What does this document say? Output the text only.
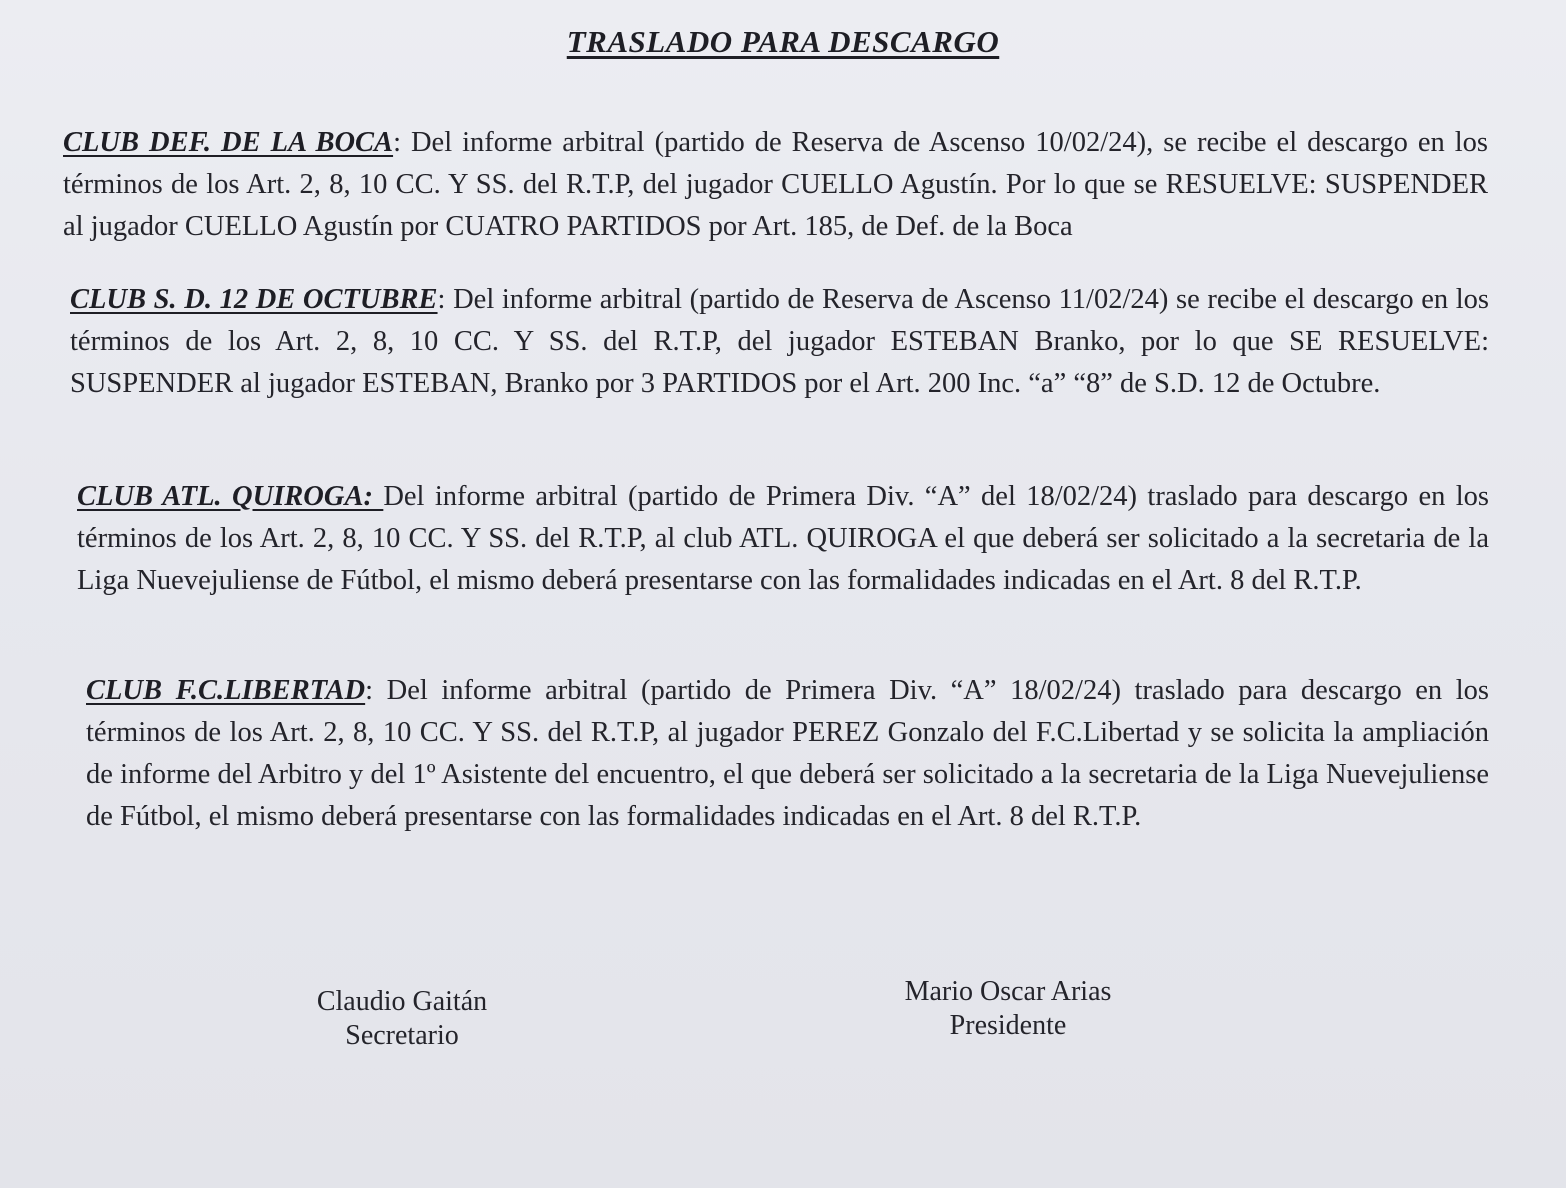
TRASLADO PARA DESCARGO

CLUB DEF. DE LA BOCA: Del informe arbitral (partido de Reserva de Ascenso 10/02/24), se recibe el descargo en los términos de los Art. 2, 8, 10 CC. Y SS. del R.T.P, del jugador CUELLO Agustín. Por lo que se RESUELVE: SUSPENDER al jugador CUELLO Agustín por CUATRO PARTIDOS por Art. 185, de Def. de la Boca

CLUB S. D. 12 DE OCTUBRE: Del informe arbitral (partido de Reserva de Ascenso 11/02/24) se recibe el descargo en los términos de los Art. 2, 8, 10 CC. Y SS. del R.T.P, del jugador ESTEBAN Branko, por lo que SE RESUELVE: SUSPENDER al jugador ESTEBAN, Branko por 3 PARTIDOS por el Art. 200 Inc. “a” “8” de S.D. 12 de Octubre.

CLUB ATL. QUIROGA: Del informe arbitral (partido de Primera Div. “A” del 18/02/24) traslado para descargo en los términos de los Art. 2, 8, 10 CC. Y SS. del R.T.P, al club ATL. QUIROGA el que deberá ser solicitado a la secretaria de la Liga Nuevejuliense de Fútbol, el mismo deberá presentarse con las formalidades indicadas en el Art. 8 del R.T.P.

CLUB F.C.LIBERTAD: Del informe arbitral (partido de Primera Div. “A” 18/02/24) traslado para descargo en los términos de los Art. 2, 8, 10 CC. Y SS. del R.T.P, al jugador PEREZ Gonzalo del F.C.Libertad y se solicita la ampliación de informe del Arbitro y del 1º Asistente del encuentro, el que deberá ser solicitado a la secretaria de la Liga Nuevejuliense de Fútbol, el mismo deberá presentarse con las formalidades indicadas en el Art. 8 del R.T.P.

Claudio Gaitán
Secretario
Mario Oscar Arias
Presidente
